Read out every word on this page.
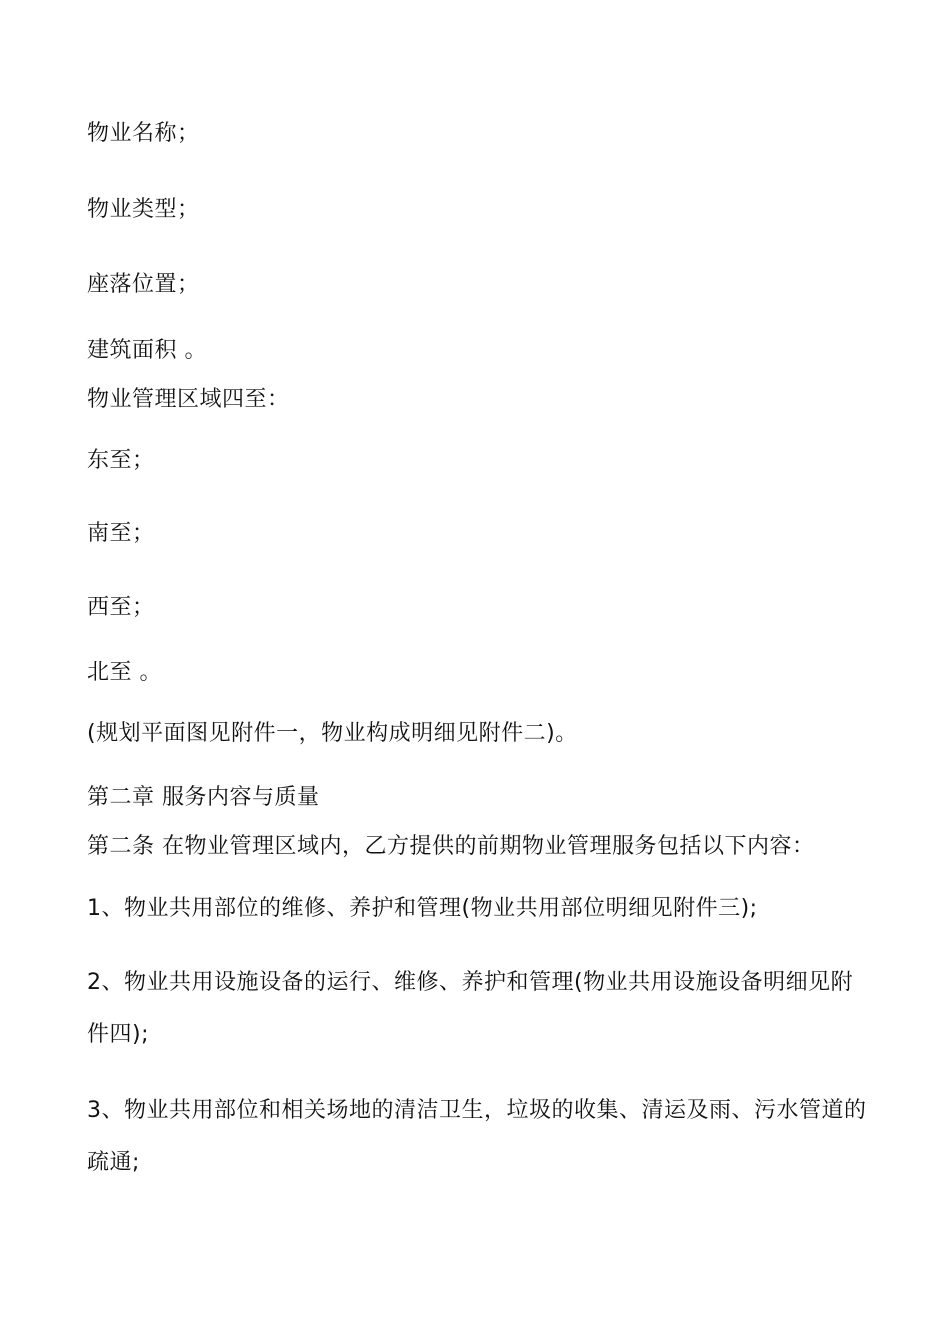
物业名称；
物业类型；
座落位置；
建筑面积 。
物业管理区域四至：
东至；
南至；
西至；
北至 。
(规划平面图见附件一，物业构成明细见附件二)。
第二章 服务内容与质量
第二条 在物业管理区域内，乙方提供的前期物业管理服务包括以下内容：
1、物业共用部位的维修、养护和管理(物业共用部位明细见附件三);
2、物业共用设施设备的运行、维修、养护和管理(物业共用设施设备明细见附件四);
3、物业共用部位和相关场地的清洁卫生，垃圾的收集、清运及雨、污水管道的疏通;
